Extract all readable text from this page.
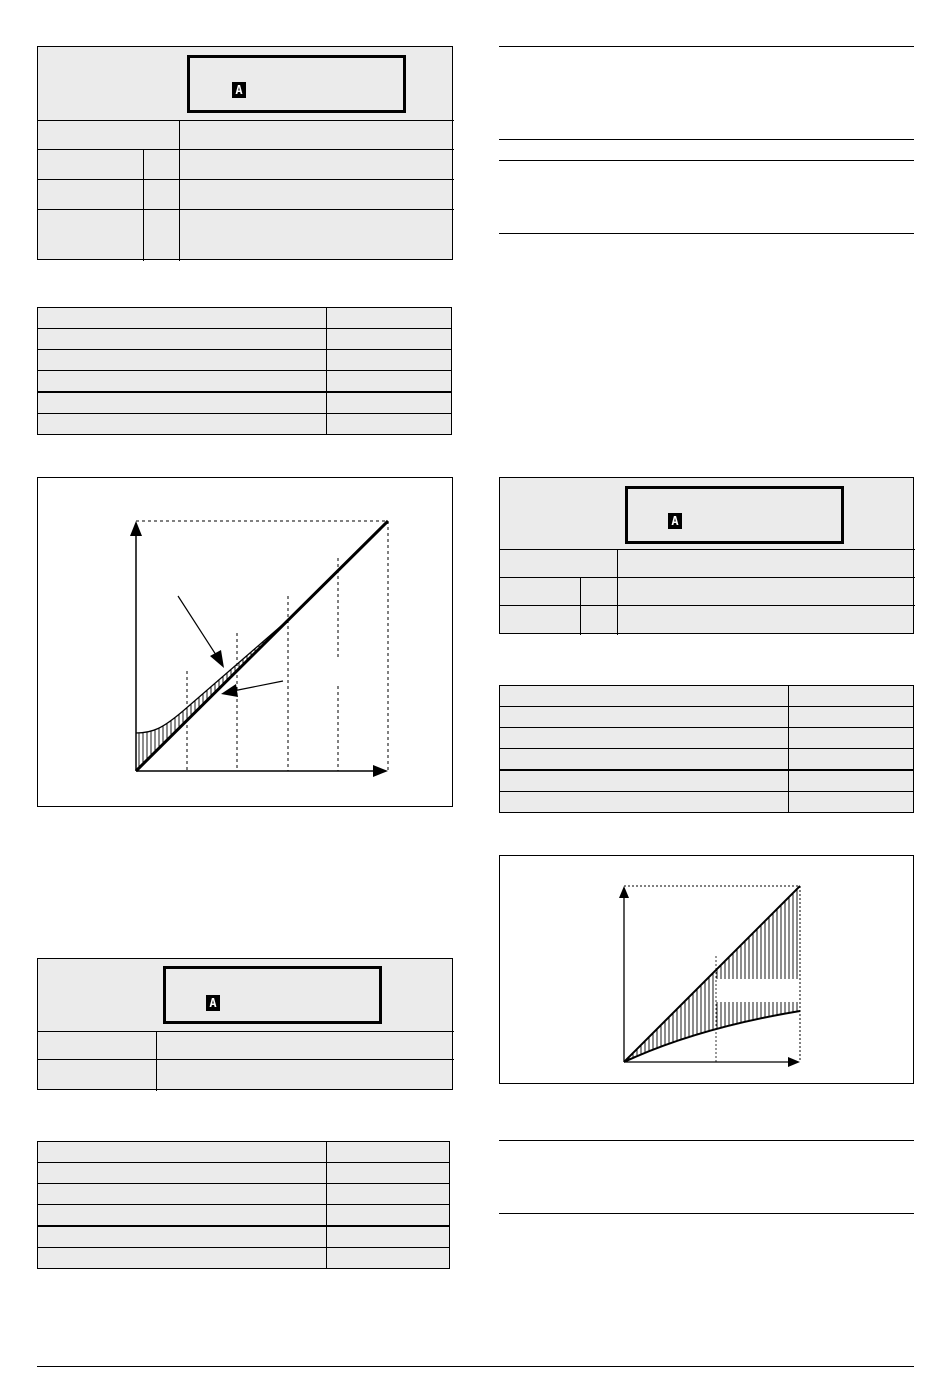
A

A

A
